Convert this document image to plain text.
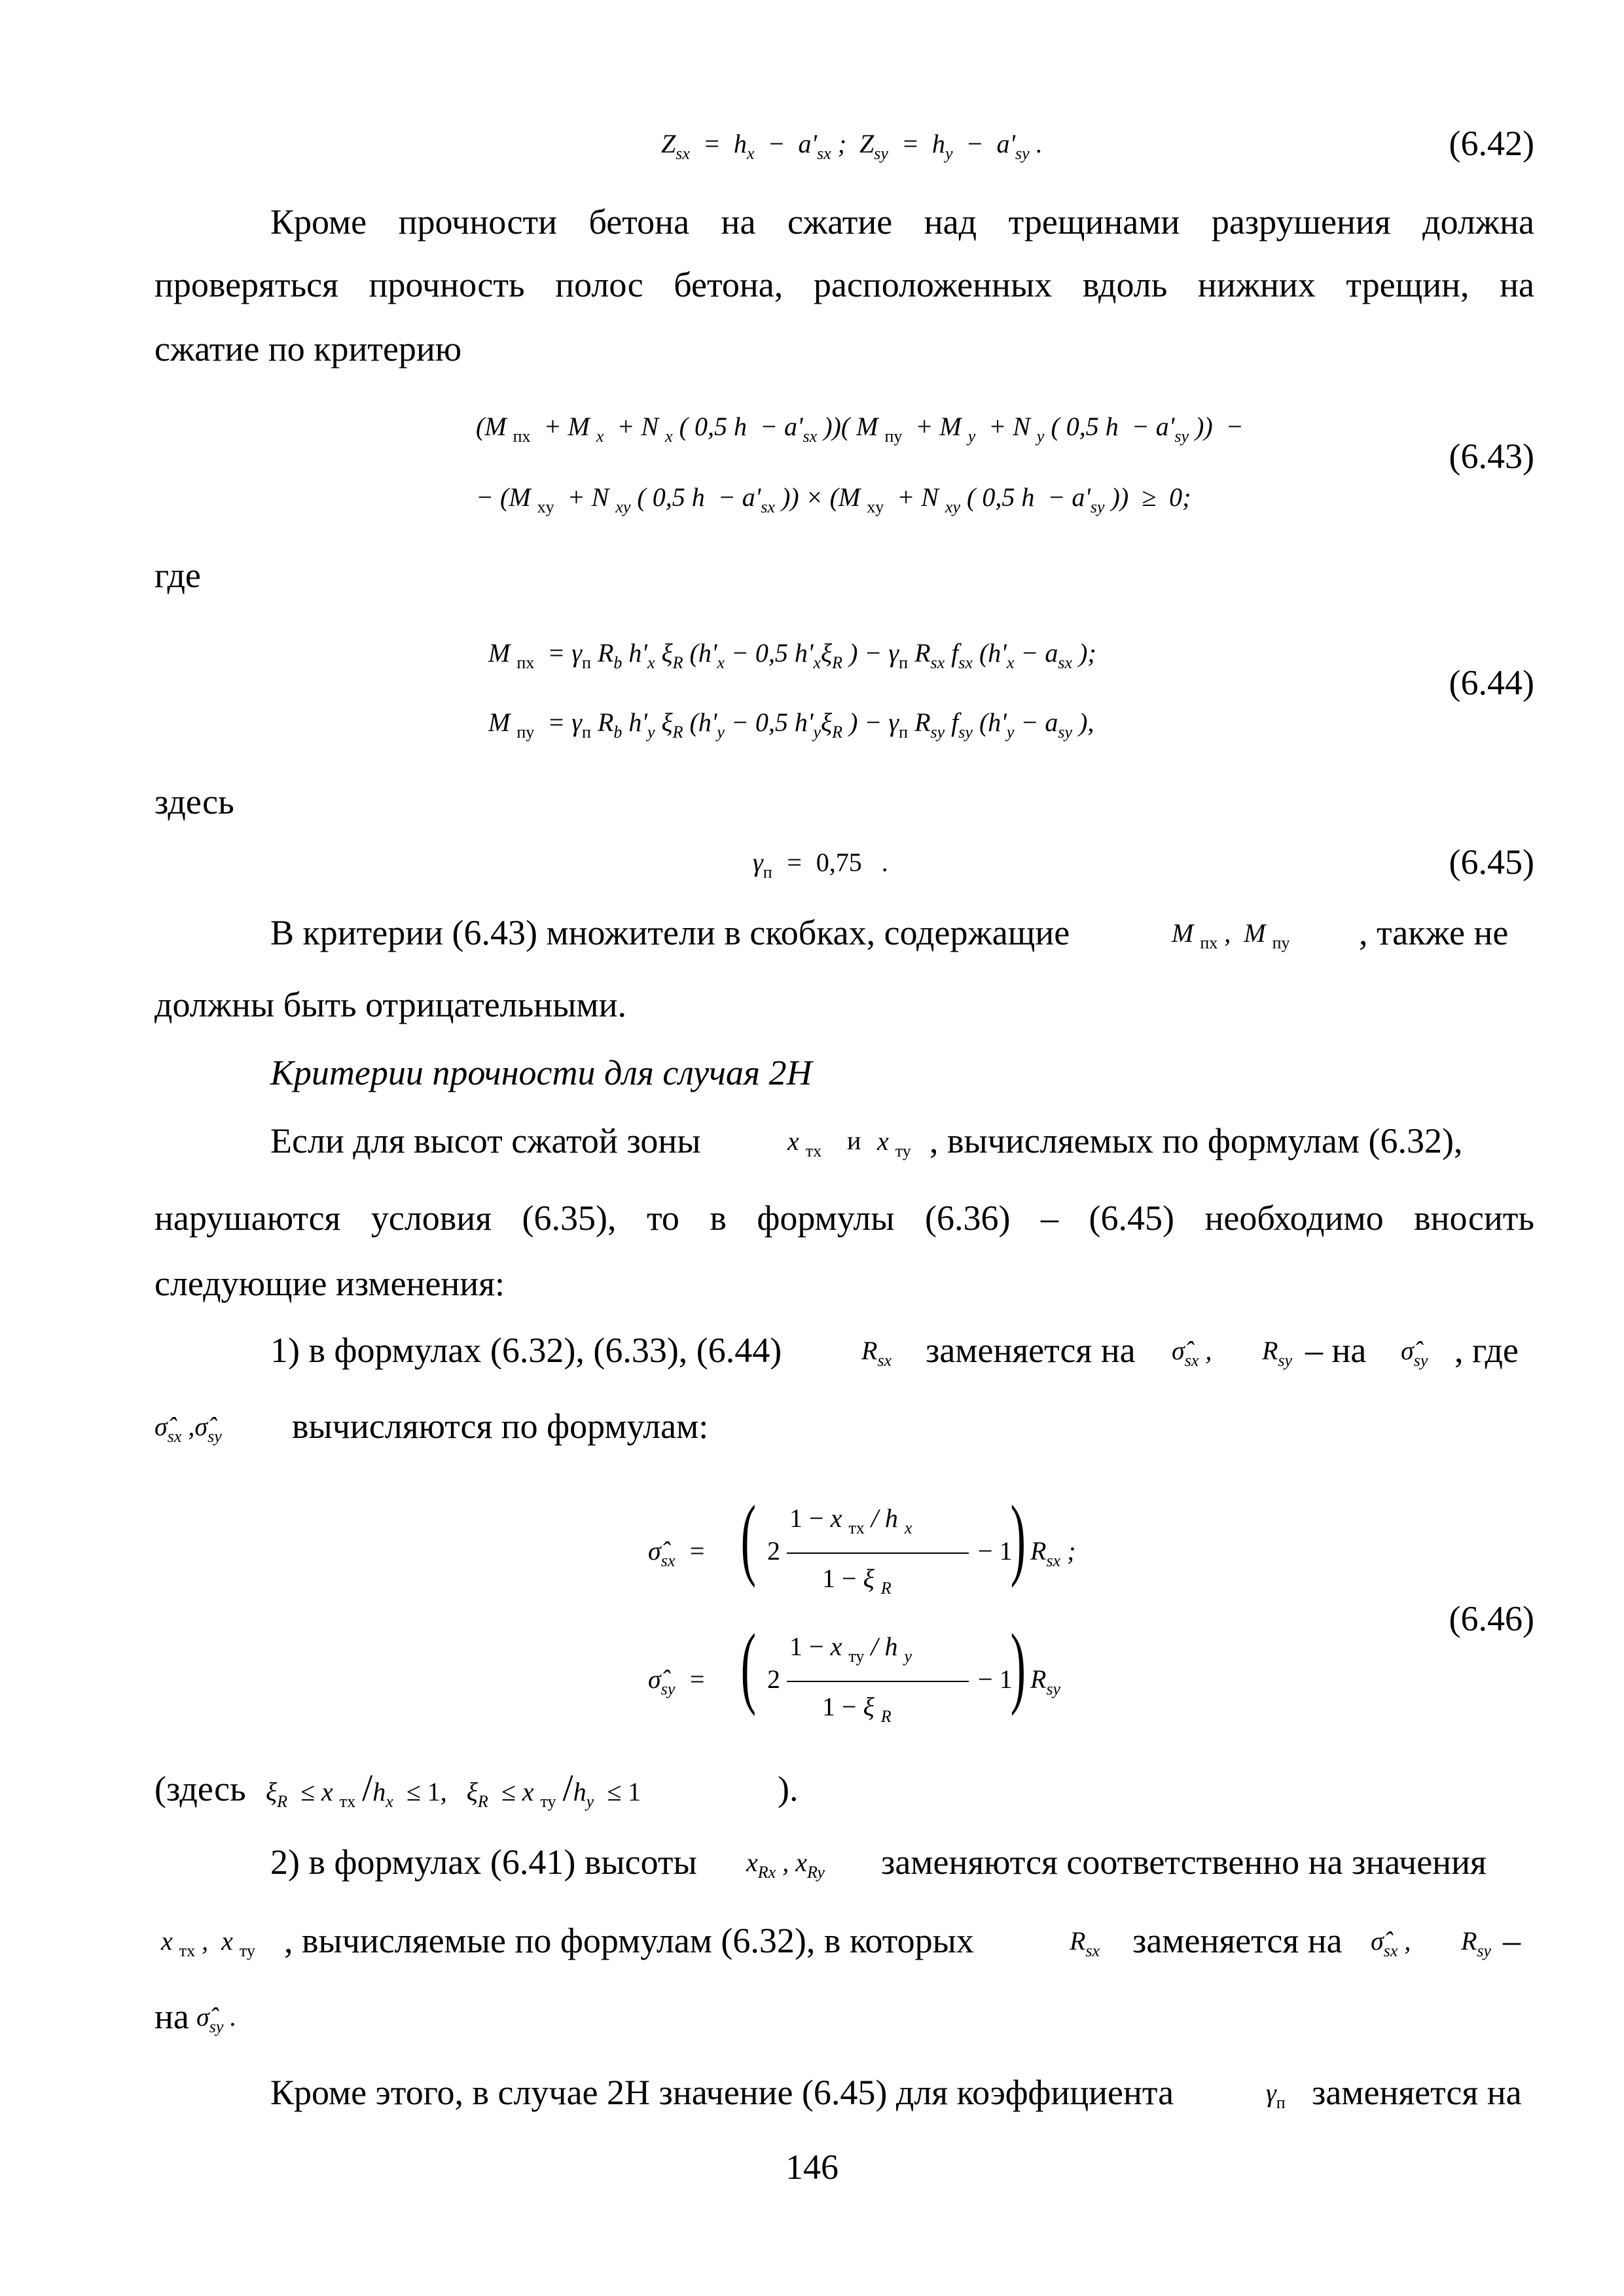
$Z_{sx} = h_x - a'_{sx}$ ;  $Z_{sy} = h_y - a'_{sy}$ .	(6.42)
Кроме прочности бетона на сжатие над трещинами разрушения должна
проверяться прочность полос бетона, расположенных вдоль нижних трещин, на
сжатие по критерию
(M $_{пх}$  + M $_x$  + N $_x$ ( 0,5 $h - a'_{sx}$ ))( M $_{пу}$  + M $_y$  + N $_y$ ( 0,5 $h - a'_{sy}$ ))  −
− (M $_{xy}$  + N $_{xy}$ ( 0,5 $h - a'_{sx}$ )) × (M $_{xy}$  + N $_{xy}$ ( 0,5 $h - a'_{sy}$ ))  ≥  0;
(6.43)
где
M $_{пх} = \gamma_п$ $R_b$ $h'_x$ $\xi_R$ ($h'_x - 0,5$ $h'_x\xi_R$ ) − $\gamma_п$ $R_{sx}$ $f_{sx}$ ($h'_x - a_{sx}$ );
M $_{пу} = \gamma_п$ $R_b$ $h'_y$ $\xi_R$ ($h'_y - 0,5$ $h'_y\xi_R$ ) − $\gamma_п$ $R_{sy}$ $f_{sy}$ ($h'_y - a_{sy}$ ),
(6.44)
здесь
$\gamma_п = 0,75$   .	(6.45)
В критерии (6.43) множители в скобках, содержащие	M $_{пх}$ ,  M $_{пу}$ , также не
должны быть отрицательными.
Критерии прочности для случая 2Н
Если для высот сжатой зоны	x $_{тх}$ и x $_{ту}$ , вычисляемых по формулам (6.32),
нарушаются условия (6.35), то в формулы (6.36) – (6.45) необходимо вносить
следующие изменения:
1) в формулах (6.32), (6.33), (6.44)	$R_{sx}$ заменяется на $\sigmâ_{sx}$ , $R_{sy}$ – на $\sigmâ_{sy}$ , где
$\sigmâ_{sx}$ $,\sigmâ_{sy}$ вычисляются по формулам:
$\sigmâ_{sx}$  = ( 2
1 − x $_{тх}$ / h $_x$
1 − ξ $_R$
− 1
) $R_{sx}$ ;
$\sigmâ_{sy}$  = ( 2
1 − x $_{ту}$ / h $_y$
1 − ξ $_R$
− 1
) $R_{sy}$
(6.46)
(здесь $\xi_R \le x$ $_{тх}$ $/h_x \le 1$,   $\xi_R \le x$ $_{ту}$ $/h_y \le 1$	).
2) в формулах (6.41) высоты $x_{Rx}$ , $x_{Ry}$ заменяются соответственно на значения
x $_{тх}$ ,  x $_{ту}$ , вычисляемые по формулам (6.32), в которых	$R_{sx}$ заменяется на $\sigmâ_{sx}$ , $R_{sy}$ –
на $\sigmâ_{sy}$ .
Кроме этого, в случае 2Н значение (6.45) для коэффициента	$\gamma_п$ заменяется на
146
